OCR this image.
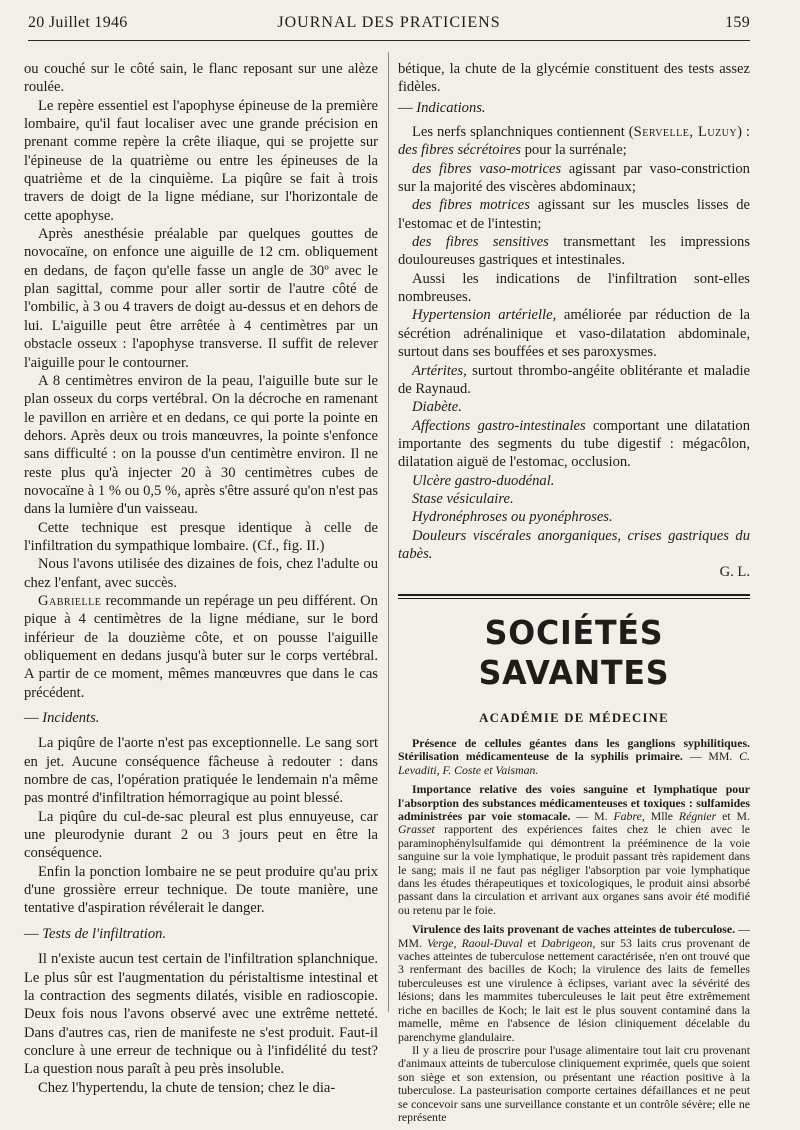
20 Juillet 1946	JOURNAL DES PRATICIENS	159

ou couché sur le côté sain, le flanc reposant sur une alèze roulée.

Le repère essentiel est l'apophyse épineuse de la première lombaire, qu'il faut localiser avec une grande précision en prenant comme repère la crête iliaque, qui se projette sur l'épineuse de la quatrième ou entre les épineuses de la quatrième et de la cinquième. La piqûre se fait à trois travers de doigt de la ligne médiane, sur l'horizontale de cette apophyse.

Après anesthésie préalable par quelques gouttes de novocaïne, on enfonce une aiguille de 12 cm. obliquement en dedans, de façon qu'elle fasse un angle de 30º avec le plan sagittal, comme pour aller sortir de l'autre côté de l'ombilic, à 3 ou 4 travers de doigt au-dessus et en dehors de lui. L'aiguille peut être arrêtée à 4 centimètres par un obstacle osseux : l'apophyse transverse. Il suffit de relever l'aiguille pour le contourner.

A 8 centimètres environ de la peau, l'aiguille bute sur le plan osseux du corps vertébral. On la décroche en ramenant le pavillon en arrière et en dedans, ce qui porte la pointe en dehors. Après deux ou trois manœuvres, la pointe s'enfonce sans difficulté : on la pousse d'un centimètre environ. Il ne reste plus qu'à injecter 20 à 30 centimètres cubes de novocaïne à 1 % ou 0,5 %, après s'être assuré qu'on n'est pas dans la lumière d'un vaisseau.

Cette technique est presque identique à celle de l'infiltration du sympathique lombaire. (Cf., fig. II.)

Nous l'avons utilisée des dizaines de fois, chez l'adulte ou chez l'enfant, avec succès.

Gabrielle recommande un repérage un peu différent. On pique à 4 centimètres de la ligne médiane, sur le bord inférieur de la douzième côte, et on pousse l'aiguille obliquement en dedans jusqu'à buter sur le corps vertébral. A partir de ce moment, mêmes manœuvres que dans le cas précédent.

— Incidents.

La piqûre de l'aorte n'est pas exceptionnelle. Le sang sort en jet. Aucune conséquence fâcheuse à redouter : dans nombre de cas, l'opération pratiquée le lendemain n'a même pas montré d'infiltration hémorragique au point blessé.

La piqûre du cul-de-sac pleural est plus ennuyeuse, car une pleurodynie durant 2 ou 3 jours peut en être la conséquence.

Enfin la ponction lombaire ne se peut produire qu'au prix d'une grossière erreur technique. De toute manière, une tentative d'aspiration révélerait le danger.

— Tests de l'infiltration.

Il n'existe aucun test certain de l'infiltration splanchnique. Le plus sûr est l'augmentation du péristaltisme intestinal et la contraction des segments dilatés, visible en radioscopie. Deux fois nous l'avons observé avec une extrême netteté. Dans d'autres cas, rien de manifeste ne s'est produit. Faut-il conclure à une erreur de technique ou à l'infidélité du test? La question nous paraît à peu près insoluble.

Chez l'hypertendu, la chute de tension; chez le dia-

bétique, la chute de la glycémie constituent des tests assez fidèles.

— Indications.

Les nerfs splanchniques contiennent (Servelle, Luzuy) : des fibres sécrétoires pour la surrénale;

des fibres vaso-motrices agissant par vaso-constriction sur la majorité des viscères abdominaux;

des fibres motrices agissant sur les muscles lisses de l'estomac et de l'intestin;

des fibres sensitives transmettant les impressions douloureuses gastriques et intestinales.

Aussi les indications de l'infiltration sont-elles nombreuses.

Hypertension artérielle, améliorée par réduction de la sécrétion adrénalinique et vaso-dilatation abdominale, surtout dans ses bouffées et ses paroxysmes.

Artérites, surtout thrombo-angéite oblitérante et maladie de Raynaud.

Diabète.

Affections gastro-intestinales comportant une dilatation importante des segments du tube digestif : mégacôlon, dilatation aiguë de l'estomac, occlusion.

Ulcère gastro-duodénal.

Stase vésiculaire.

Hydronéphroses ou pyonéphroses.

Douleurs viscérales anorganiques, crises gastriques du tabès.

G. L.

SOCIÉTÉS SAVANTES
ACADÉMIE DE MÉDECINE

Présence de cellules géantes dans les ganglions syphilitiques. Stérilisation médicamenteuse de la syphilis primaire. — MM. C. Levaditi, F. Coste et Vaisman.

Importance relative des voies sanguine et lymphatique pour l'absorption des substances médicamenteuses et toxiques : sulfamides administrées par voie stomacale. — M. Fabre, Mlle Régnier et M. Grasset rapportent des expériences faites chez le chien avec le paraminophénylsulfamide qui démontrent la prééminence de la voie sanguine sur la voie lymphatique, le produit passant très rapidement dans le sang; mais il ne faut pas négliger l'absorption par voie lymphatique dans les études thérapeutiques et toxicologiques, le produit ainsi absorbé passant dans la circulation et arrivant aux organes sans avoir été modifié ou retenu par le foie.

Virulence des laits provenant de vaches atteintes de tuberculose. — MM. Verge, Raoul-Duval et Dabrigeon, sur 53 laits crus provenant de vaches atteintes de tuberculose nettement caractérisée, n'en ont trouvé que 3 renfermant des bacilles de Koch; la virulence des laits de femelles tuberculeuses est une virulence à éclipses, variant avec la sévérité des lésions; dans les mammites tuberculeuses le lait peut être extrêmement riche en bacilles de Koch; le lait est le plus souvent contaminé dans la mamelle, même en l'absence de lésion cliniquement décelable du parenchyme glandulaire.

Il y a lieu de proscrire pour l'usage alimentaire tout lait cru provenant d'animaux atteints de tuberculose cliniquement exprimée, quels que soient son siège et son extension, ou présentant une réaction positive à la tuberculose. La pasteurisation comporte certaines défaillances et ne peut se concevoir sans une surveillance constante et un contrôle sévère; elle ne représente
